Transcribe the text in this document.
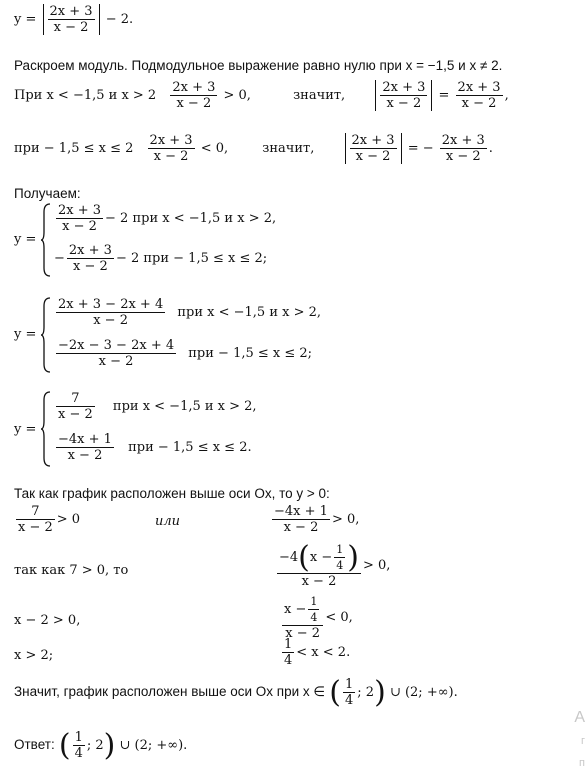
$y = \frac{2x + 3}{x - 2} - 2$.
Раскроем модуль. Подмодульное выражение равно нулю при x = −1,5 и x ≠ 2.
При x < −1,5 и $x > 2 \frac{2x + 3}{x - 2} > 0$,	значит,	$\frac{2x + 3}{x - 2} = \frac{2x + 3}{x - 2}$ ,
при − $1,5 \le x \le 2 \frac{2x + 3}{x - 2} < 0$,	значит,	$\frac{2x + 3}{x - 2}$ = − $\frac{2x + 3}{x - 2}$ .
Получаем:
y =
$\frac{2x + 3}{x - 2} - 2$ при x < −1,5 и x > 2,
− $\frac{2x + 3}{x - 2} - 2$ при − 1,5 ≤ x ≤ 2;
y =
$\frac{2x + 3 - 2x + 4}{x - 2}$ при x < −1,5 и x > 2,
$\frac{-2x - 3 - 2x + 4}{x - 2}$ при − 1,5 ≤ x ≤ 2;
y =
$\frac{7}{x - 2}$ при x < −1,5 и x > 2,
$\frac{-4x + 1}{x - 2}$ при − 1,5 ≤ x ≤ 2.
Так как график расположен выше оси Ox, то y > 0:
$\frac{7}{x - 2} > 0$	или	$\frac{-4x + 1}{x - 2} > 0$,
так как 7 > 0, то	$\frac{-4(x - \frac{1}{4} )}{x - 2} > 0$,
x − 2 > 0,	$\frac{x - \frac{1}{4}}{x - 2} < 0$,
x > 2;	$\frac{1}{4} < x < 2$.
Значит, график расположен выше оси Ox при x ∈ ( $\frac{1}{4}$ ; 2) ∪ (2; +∞).
Ответ: ( $\frac{1}{4}$ ; 2) ∪ (2; +∞).
A
г
п
